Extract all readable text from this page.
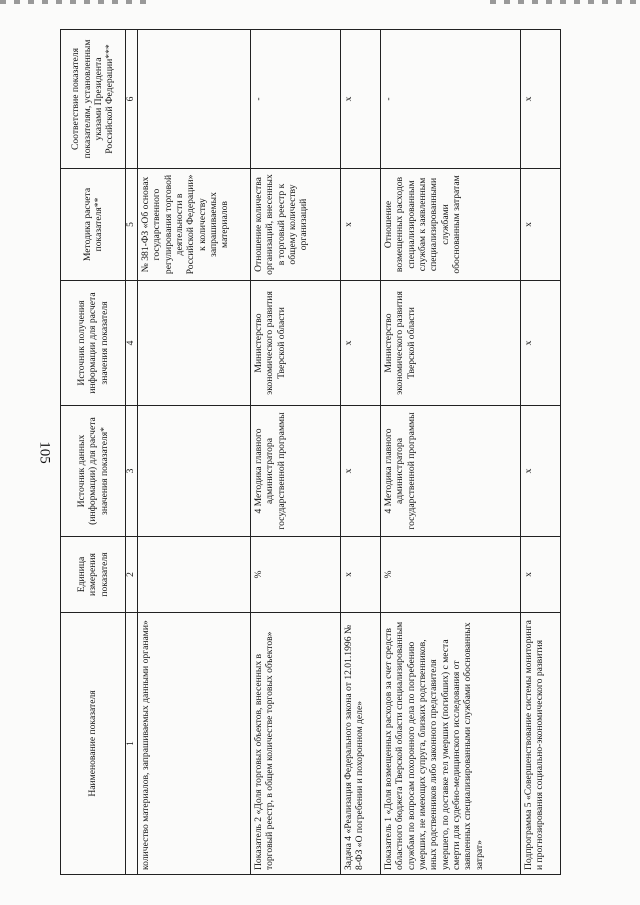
105
Наименование показателя	Единица измерения показателя	Источник данных (информации) для расчета значения показателя*	Источник получения информации для расчета значения показателя	Методика расчета показателя**	Соответствие показателя показателям, установленным указами Президента Российской Федерации***
1	2	3	4	5	6
количество материалов, запрашиваемых данными органами»				№ 381-ФЗ «Об основах государственного регулирования торговой деятельности в Российской Федерации» к количеству запрашиваемых материалов	
Показатель 2 «Доля торговых объектов, внесенных в торговый реестр, в общем количестве торговых объектов»	%	4 Методика главного администратора государственной программы	Министерство экономического развития Тверской области	Отношение количества организаций, внесенных в торговый реестр к общему количеству организаций	-
Задача 4 «Реализация Федерального закона от 12.01.1996 № 8-ФЗ «О погребении и похоронном деле»	x	x	x	x	x
Показатель 1 «Доля возмещенных расходов за счет средств областного бюджета Тверской области специализированным службам по вопросам похоронного дела по погребению умерших, не имеющих супруга, близких родственников, иных родственников либо законного представителя умершего, по доставке тел умерших (погибших) с места смерти для судебно-медицинского исследования от заявленных специализированными службами обоснованных затрат»	%	4 Методика главного администратора государственной программы	Министерство экономического развития Тверской области	Отношение возмещенных расходов специализированным службам к заявленным специализированными службами обоснованным затратам	-
Подпрограмма 5 «Совершенствование системы мониторинга и прогнозирования социально-экономического развития	x	x	x	x	x
